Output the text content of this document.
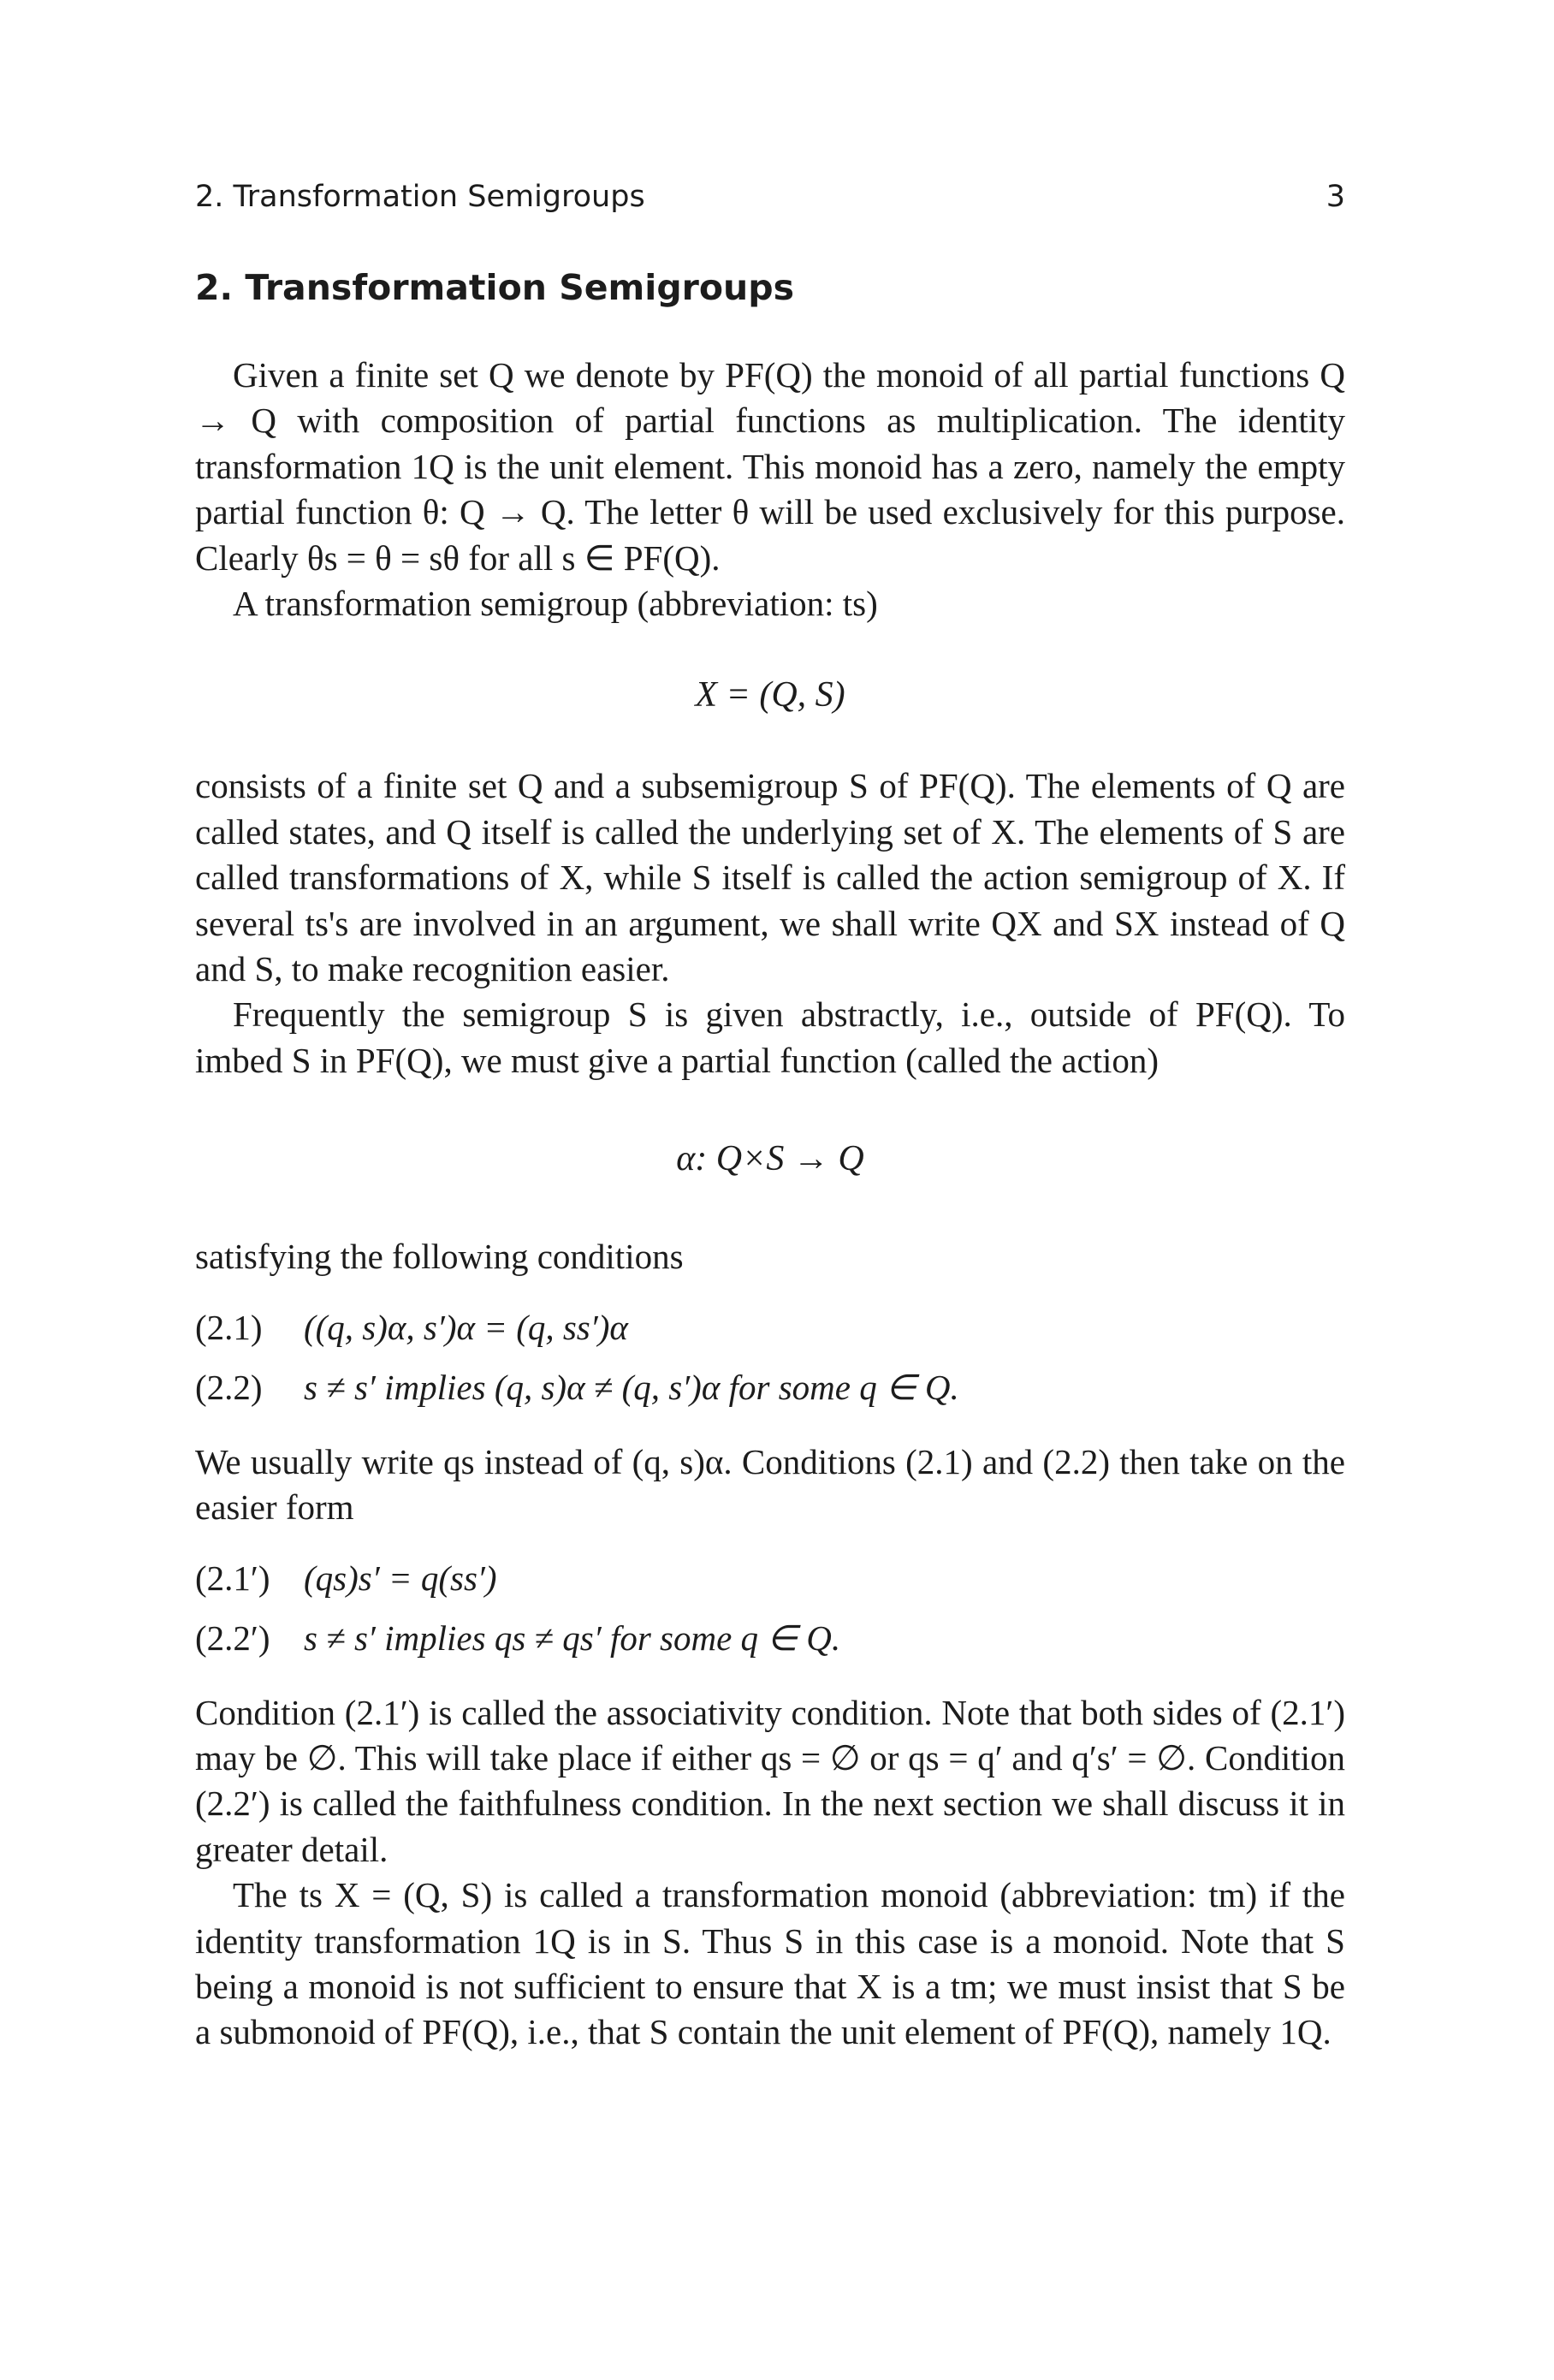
2. Transformation Semigroups	3
2. Transformation Semigroups

Given a finite set Q we denote by PF(Q) the monoid of all partial functions Q → Q with composition of partial functions as multiplication. The identity transformation 1Q is the unit element. This monoid has a zero, namely the empty partial function θ: Q → Q. The letter θ will be used exclusively for this purpose. Clearly θs = θ = sθ for all s ∈ PF(Q).

A transformation semigroup (abbreviation: ts)

X = (Q, S)

consists of a finite set Q and a subsemigroup S of PF(Q). The elements of Q are called states, and Q itself is called the underlying set of X. The elements of S are called transformations of X, while S itself is called the action semigroup of X. If several ts's are involved in an argument, we shall write QX and SX instead of Q and S, to make recognition easier.

Frequently the semigroup S is given abstractly, i.e., outside of PF(Q). To imbed S in PF(Q), we must give a partial function (called the action)

α: Q×S → Q

satisfying the following conditions

(2.1) ((q, s)α, s′)α = (q, ss′)α

(2.2) s ≠ s′ implies (q, s)α ≠ (q, s′)α for some q ∈ Q.

We usually write qs instead of (q, s)α. Conditions (2.1) and (2.2) then take on the easier form

(2.1′) (qs)s′ = q(ss′)

(2.2′) s ≠ s′ implies qs ≠ qs′ for some q ∈ Q.

Condition (2.1′) is called the associativity condition. Note that both sides of (2.1′) may be ∅. This will take place if either qs = ∅ or qs = q′ and q′s′ = ∅. Condition (2.2′) is called the faithfulness condition. In the next section we shall discuss it in greater detail.

The ts X = (Q, S) is called a transformation monoid (abbreviation: tm) if the identity transformation 1Q is in S. Thus S in this case is a monoid. Note that S being a monoid is not sufficient to ensure that X is a tm; we must insist that S be a submonoid of PF(Q), i.e., that S contain the unit element of PF(Q), namely 1Q.
